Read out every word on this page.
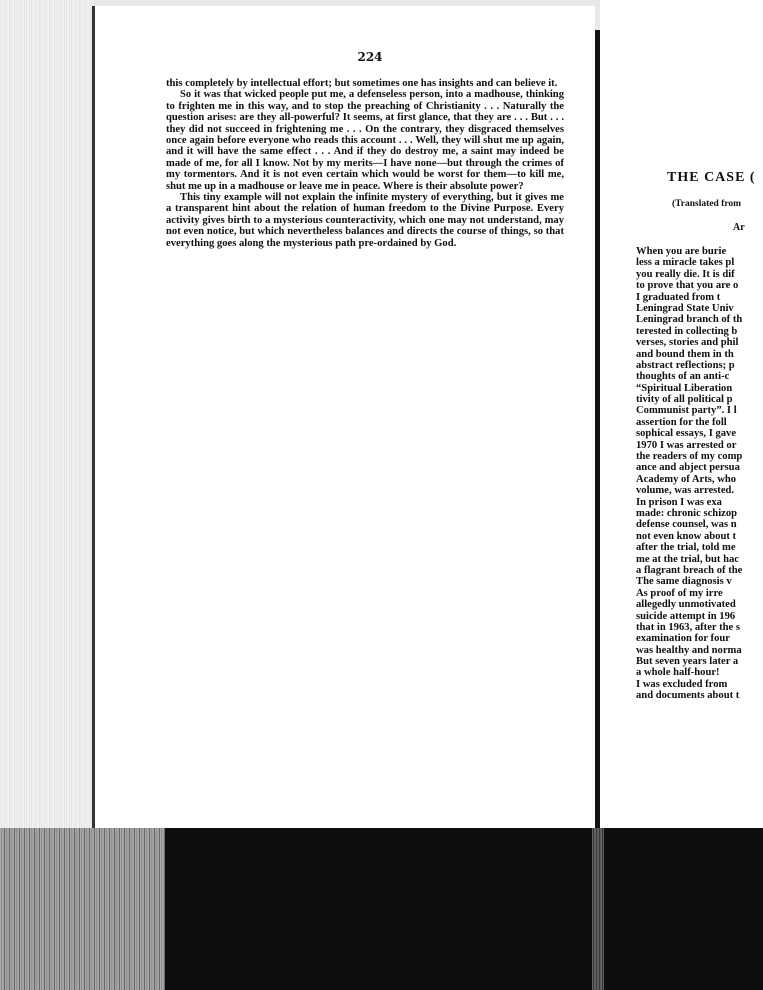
224

this completely by intellectual effort; but sometimes one has insights and can believe it.

So it was that wicked people put me, a defenseless person, into a madhouse, thinking to frighten me in this way, and to stop the preaching of Christianity . . . Naturally the question arises: are they all-powerful? It seems, at first glance, that they are . . . But . . . they did not succeed in frightening me . . . On the contrary, they disgraced themselves once again before everyone who reads this account . . . Well, they will shut me up again, and it will have the same effect . . . And if they do destroy me, a saint may indeed be made of me, for all I know. Not by my merits—I have none—but through the crimes of my tormentors. And it is not even certain which would be worst for them—to kill me, shut me up in a madhouse or leave me in peace. Where is their absolute power?

This tiny example will not explain the infinite mystery of everything, but it gives me a transparent hint about the relation of human freedom to the Divine Purpose. Every activity gives birth to a mysterious counteractivity, which one may not understand, may not even notice, but which nevertheless balances and directs the course of things, so that everything goes along the mysterious path pre-ordained by God.

THE CASE (
(Translated from
Ar
When you are burie
less a miracle takes pl
you really die. It is dif
to prove that you are o
I graduated from t
Leningrad State Univ
Leningrad branch of th
terested in collecting b
verses, stories and phil
and bound them in th
abstract reflections; p
thoughts of an anti-c
“Spiritual Liberation
tivity of all political p
Communist party”. I l
assertion for the foll
sophical essays, I gave
1970 I was arrested or
the readers of my comp
ance and abject persua
Academy of Arts, who
volume, was arrested.
In prison I was exa
made: chronic schizop
defense counsel, was n
not even know about t
after the trial, told me
me at the trial, but hac
a flagrant breach of the
The same diagnosis v
As proof of my irre
allegedly unmotivated
suicide attempt in 196
that in 1963, after the s
examination for four
was healthy and norma
But seven years later a
a whole half-hour!
I was excluded from
and documents about t
